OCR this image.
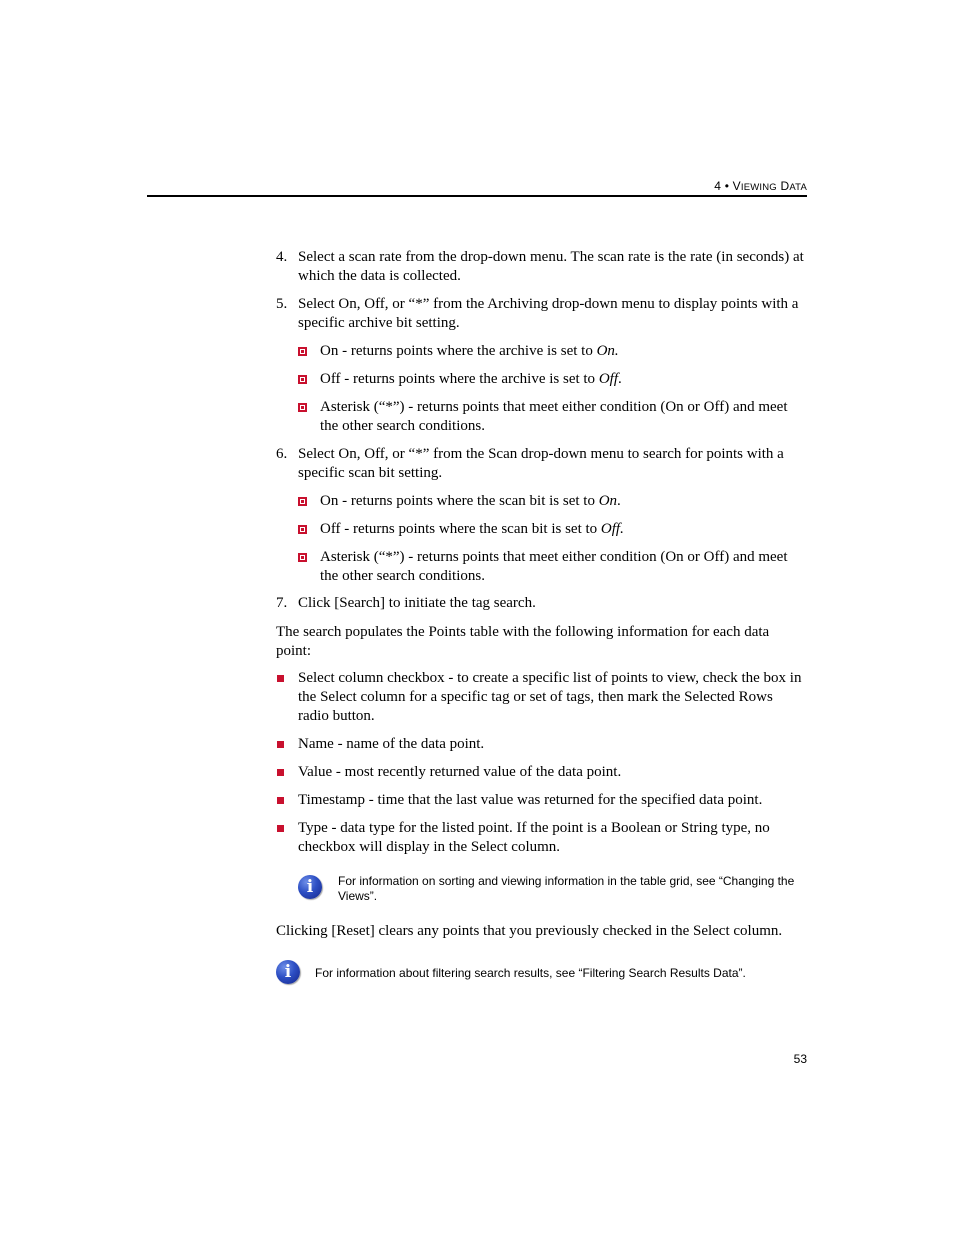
4 • VIEWING DATA
4. Select a scan rate from the drop-down menu. The scan rate is the rate (in seconds) at which the data is collected.
5. Select On, Off, or “*” from the Archiving drop-down menu to display points with a specific archive bit setting.
On - returns points where the archive is set to On.
Off - returns points where the archive is set to Off.
Asterisk (“*”) - returns points that meet either condition (On or Off) and meet the other search conditions.
6. Select On, Off, or “*” from the Scan drop-down menu to search for points with a specific scan bit setting.
On - returns points where the scan bit is set to On.
Off - returns points where the scan bit is set to Off.
Asterisk (“*”) - returns points that meet either condition (On or Off) and meet the other search conditions.
7. Click [Search] to initiate the tag search.

The search populates the Points table with the following information for each data point:

Select column checkbox - to create a specific list of points to view, check the box in the Select column for a specific tag or set of tags, then mark the Selected Rows radio button.
Name - name of the data point.
Value - most recently returned value of the data point.
Timestamp - time that the last value was returned for the specified data point.
Type - data type for the listed point. If the point is a Boolean or String type, no checkbox will display in the Select column.
i	For information on sorting and viewing information in the table grid, see “Changing the Views”.

Clicking [Reset] clears any points that you previously checked in the Select column.

i	For information about filtering search results, see “Filtering Search Results Data”.
53
